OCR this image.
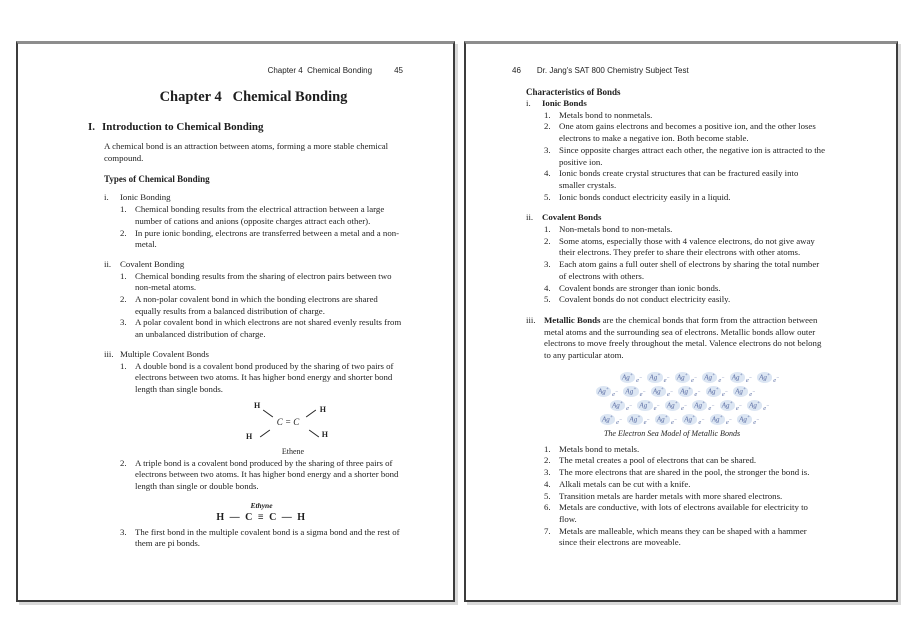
Chapter 4  Chemical Bonding	45
Chapter 4   Chemical Bonding
I. Introduction to Chemical Bonding

A chemical bond is an attraction between atoms, forming a more stable chemical compound.

Types of Chemical Bonding
i.	Ionic Bonding
1. Chemical bonding results from the electrical attraction between a large number of cations and anions (opposite charges attract each other).
2. In pure ionic bonding, electrons are transferred between a metal and a non-metal.
ii.	Covalent Bonding
1. Chemical bonding results from the sharing of electron pairs between two non-metal atoms.
2. A non-polar covalent bond in which the bonding electrons are shared equally results from a balanced distribution of charge.
3. A polar covalent bond in which electrons are not shared evenly results from an unbalanced distribution of charge.
iii. Multiple Covalent Bonds
1. A double bond is a covalent bond produced by the sharing of two pairs of electrons between two atoms. It has higher bond energy and shorter bond length than single bonds.
H	H
H	H
C = C
Ethene
2. A triple bond is a covalent bond produced by the sharing of three pairs of electrons between two atoms. It has higher bond energy and a shorter bond length than single or double bonds.
Ethyne
H — C ≡ C — H
3. The first bond in the multiple covalent bond is a sigma bond and the rest of them are pi bonds.
46 Dr. Jang's SAT 800 Chemistry Subject Test
Characteristics of Bonds
i.	Ionic Bonds
1. Metals bond to nonmetals.
2. One atom gains electrons and becomes a positive ion, and the other loses electrons to make a negative ion. Both become stable.
3. Since opposite charges attract each other, the negative ion is attracted to the positive ion.
4. Ionic bonds create crystal structures that can be fractured easily into smaller crystals.
5. Ionic bonds conduct electricity easily in a liquid.
ii.	Covalent Bonds
1. Non-metals bond to non-metals.
2. Some atoms, especially those with 4 valence electrons, do not give away their electrons. They prefer to share their electrons with other atoms.
3. Each atom gains a full outer shell of electrons by sharing the total number of electrons with others.
4. Covalent bonds are stronger than ionic bonds.
5. Covalent bonds do not conduct electricity easily.
iii. Metallic Bonds are the chemical bonds that form from the attraction between metal atoms and the surrounding sea of electrons. Metallic bonds allow outer electrons to move freely throughout the metal. Valence electrons do not belong to any particular atom.
Ag+e− Ag+e− Ag+e− Ag+e− Ag+e− Ag+e−
Ag+e− Ag+e− Ag+e− Ag+e− Ag+e− Ag+e−
Ag+e− Ag+e− Ag+e− Ag+e− Ag+e− Ag+e−
Ag+e− Ag+e− Ag+e− Ag+e− Ag+e− Ag+e−
The Electron Sea Model of Metallic Bonds
1. Metals bond to metals.
2. The metal creates a pool of electrons that can be shared.
3. The more electrons that are shared in the pool, the stronger the bond is.
4. Alkali metals can be cut with a knife.
5. Transition metals are harder metals with more shared electrons.
6. Metals are conductive, with lots of electrons available for electricity to flow.
7. Metals are malleable, which means they can be shaped with a hammer since their electrons are moveable.
